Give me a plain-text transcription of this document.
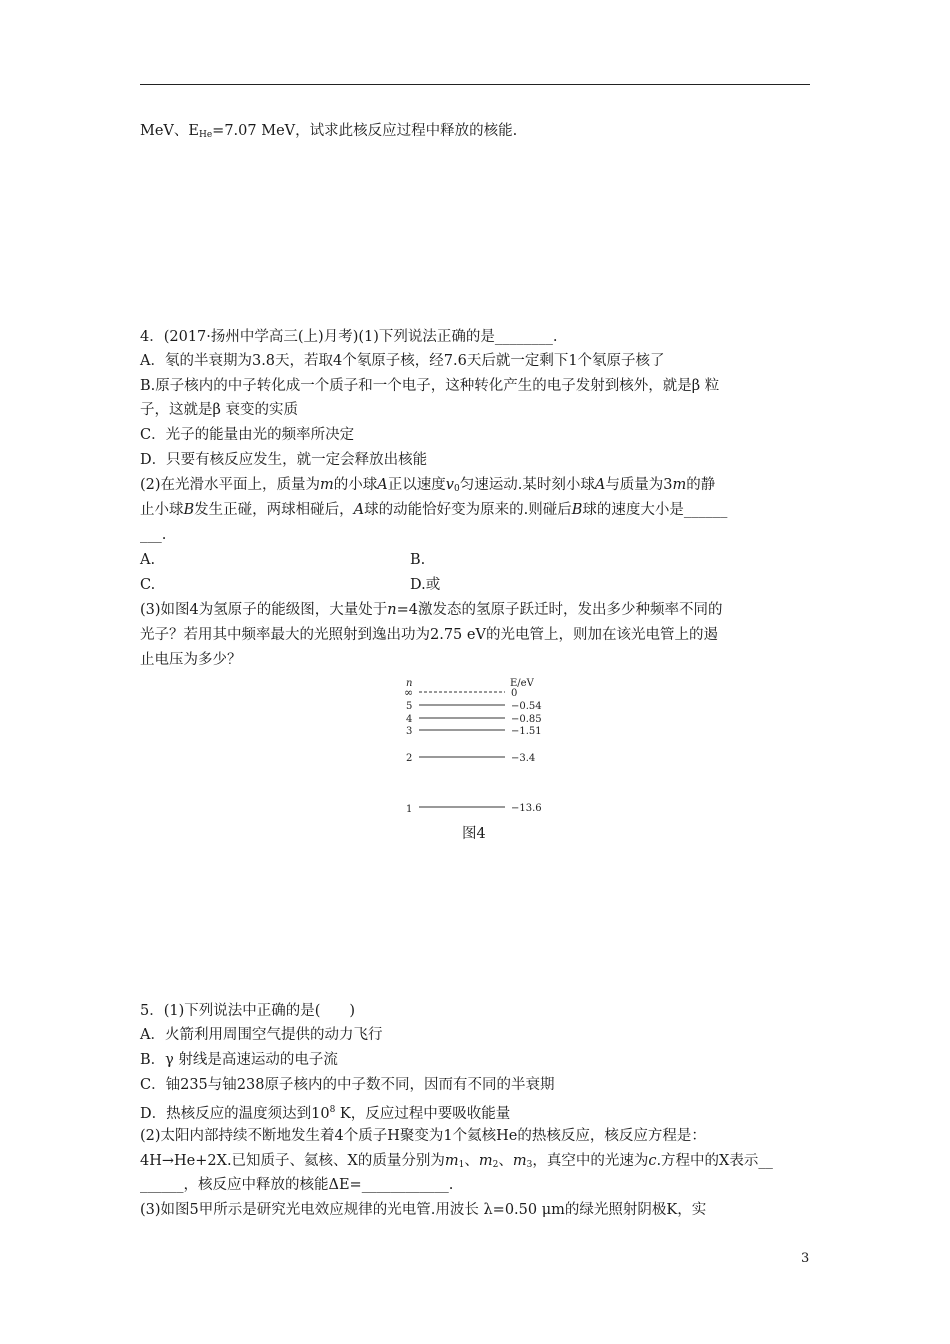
MeV、$E_{He}=7.07$ MeV，试求此核反应过程中释放的核能.
4．(2017·扬州中学高三(上)月考)(1)下列说法正确的是________.
A．氡的半衰期为3.8天，若取4个氡原子核，经7.6天后就一定剩下1个氡原子核了
B.原子核内的中子转化成一个质子和一个电子，这种转化产生的电子发射到核外，就是β 粒
子，这就是β 衰变的实质
C．光子的能量由光的频率所决定
D．只要有核反应发生，就一定会释放出核能
(2)在光滑水平面上，质量为m的小球A正以速度$v_0$匀速运动.某时刻小球A与质量为3m的静
止小球B发生正碰，两球相碰后，A球的动能恰好变为原来的.则碰后B球的速度大小是______
___.
A.	B.
C.	D.或
(3)如图4为氢原子的能级图，大量处于n=4激发态的氢原子跃迁时，发出多少种频率不同的
光子？若用其中频率最大的光照射到逸出功为2.75 eV的光电管上，则加在该光电管上的遏
止电压为多少？
n	E/eV
∞	0
5	−0.54
4	−0.85
3	−1.51
2	−3.4
1	−13.6
图4
5．(1)下列说法中正确的是(　　)
A．火箭利用周围空气提供的动力飞行
B．γ 射线是高速运动的电子流
C．铀235与铀238原子核内的中子数不同，因而有不同的半衰期
D．热核反应的温度须达到$10^8$ K，反应过程中要吸收能量
(2)太阳内部持续不断地发生着4个质子H聚变为1个氦核He的热核反应，核反应方程是：
4H→He+2X.已知质子、氦核、X的质量分别为$m_1$、$m_2$、$m_3$，真空中的光速为c.方程中的X表示__
______，核反应中释放的核能ΔE=____________.
(3)如图5甲所示是研究光电效应规律的光电管.用波长 λ=0.50 μm的绿光照射阴极K，实
3
